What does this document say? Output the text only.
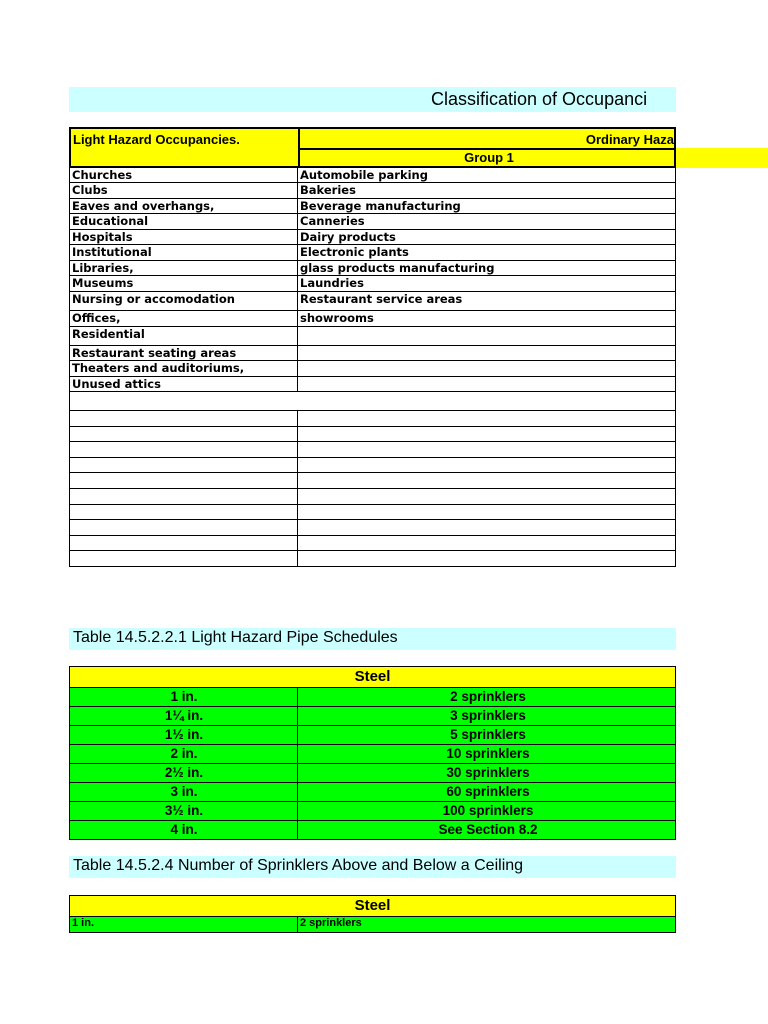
Classification of Occupanci
Light Hazard Occupancies.	Ordinary Haza
Group 1
Churches	Automobile parking
Clubs	Bakeries
Eaves and overhangs,	Beverage manufacturing
Educational	Canneries
Hospitals	Dairy products
Institutional	Electronic plants
Libraries,	glass products manufacturing
Museums	Laundries
Nursing or accomodation	Restaurant service areas
Offices,	showrooms
Residential
Restaurant seating areas
Theaters and auditoriums,
Unused attics
Table 14.5.2.2.1 Light Hazard Pipe Schedules
Steel
1 in.	2 sprinklers
1¼ in.	3 sprinklers
1½ in.	5 sprinklers
2 in.	10 sprinklers
2½ in.	30 sprinklers
3 in.	60 sprinklers
3½ in.	100 sprinklers
4 in.	See Section 8.2
Table 14.5.2.4 Number of Sprinklers Above and Below a Ceiling
Steel
1 in.	2 sprinklers
